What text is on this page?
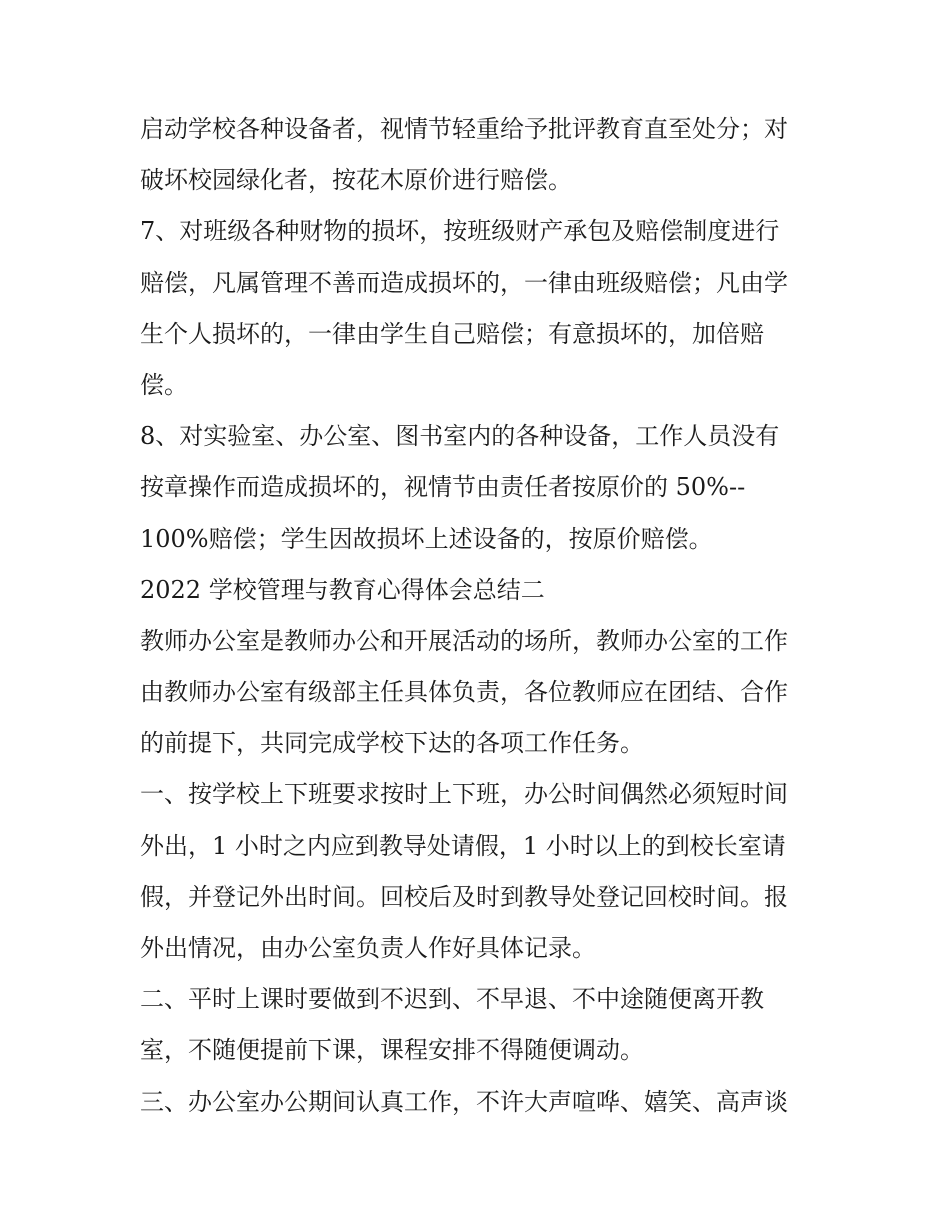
启动学校各种设备者，视情节轻重给予批评教育直至处分；对
破坏校园绿化者，按花木原价进行赔偿。
7、对班级各种财物的损坏，按班级财产承包及赔偿制度进行
赔偿，凡属管理不善而造成损坏的，一律由班级赔偿；凡由学
生个人损坏的，一律由学生自己赔偿；有意损坏的，加倍赔
偿。
8、对实验室、办公室、图书室内的各种设备，工作人员没有
按章操作而造成损坏的，视情节由责任者按原价的 50%--
100%赔偿；学生因故损坏上述设备的，按原价赔偿。
2022 学校管理与教育心得体会总结二
教师办公室是教师办公和开展活动的场所，教师办公室的工作
由教师办公室有级部主任具体负责，各位教师应在团结、合作
的前提下，共同完成学校下达的各项工作任务。
一、按学校上下班要求按时上下班，办公时间偶然必须短时间
外出，1 小时之内应到教导处请假，1 小时以上的到校长室请
假，并登记外出时间。回校后及时到教导处登记回校时间。报
外出情况，由办公室负责人作好具体记录。
二、平时上课时要做到不迟到、不早退、不中途随便离开教
室，不随便提前下课，课程安排不得随便调动。
三、办公室办公期间认真工作，不许大声喧哗、嬉笑、高声谈
